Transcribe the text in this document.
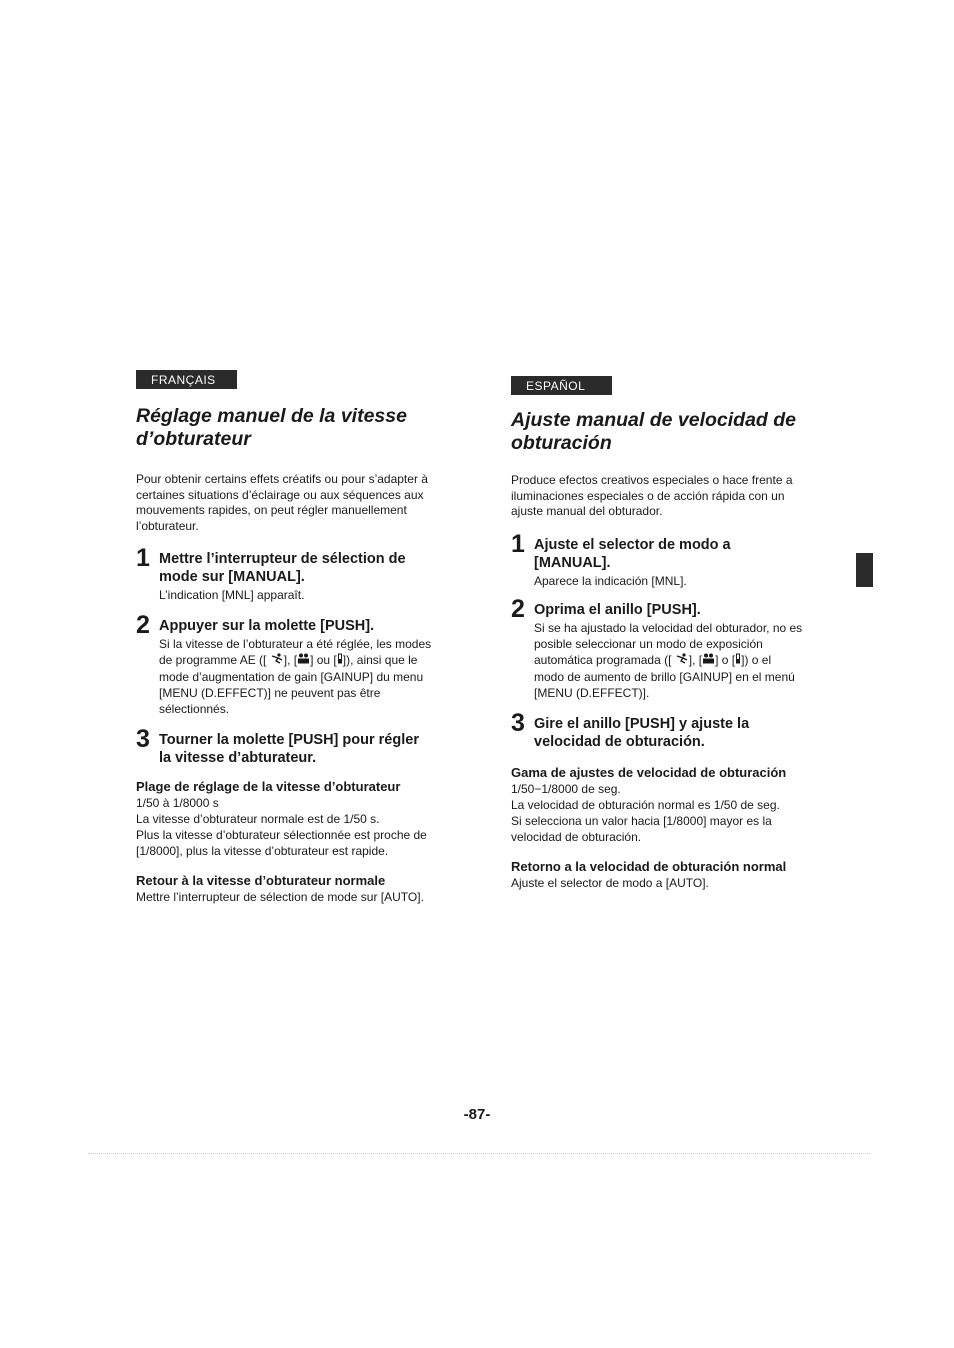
FRANÇAIS
Réglage manuel de la vitesse
d’obturateur

Pour obtenir certains effets créatifs ou pour s’adapter à
certaines situations d’éclairage ou aux séquences aux
mouvements rapides, on peut régler manuellement
l’obturateur.

1 Mettre l’interrupteur de sélection de
mode sur [MANUAL].
L’indication [MNL] apparaît.
2 Appuyer sur la molette [PUSH].
Si la vitesse de l’obturateur a été réglée, les modes
de programme AE ([ ], [ ] ou [ ]), ainsi que le
mode d’augmentation de gain [GAINUP] du menu
[MENU (D.EFFECT)] ne peuvent pas être
sélectionnés.
3 Tourner la molette [PUSH] pour régler
la vitesse d’abturateur.
Plage de réglage de la vitesse d’obturateur
1/50 à 1/8000 s
La vitesse d’obturateur normale est de 1/50 s.
Plus la vitesse d’obturateur sélectionnée est proche de
[1/8000], plus la vitesse d’obturateur est rapide.
Retour à la vitesse d’obturateur normale
Mettre l’interrupteur de sélection de mode sur [AUTO].
ESPAÑOL
Ajuste manual de velocidad de
obturación

Produce efectos creativos especiales o hace frente a
iluminaciones especiales o de acción rápida con un
ajuste manual del obturador.

1 Ajuste el selector de modo a
[MANUAL].
Aparece la indicación [MNL].
2 Oprima el anillo [PUSH].
Si se ha ajustado la velocidad del obturador, no es
posible seleccionar un modo de exposición
automática programada ([ ], [ ] o [ ]) o el
modo de aumento de brillo [GAINUP] en el menú
[MENU (D.EFFECT)].
3 Gire el anillo [PUSH] y ajuste la
velocidad de obturación.
Gama de ajustes de velocidad de obturación
1/50−1/8000 de seg.
La velocidad de obturación normal es 1/50 de seg.
Si selecciona un valor hacia [1/8000] mayor es la
velocidad de obturación.
Retorno a la velocidad de obturación normal
Ajuste el selector de modo a [AUTO].
-87-
